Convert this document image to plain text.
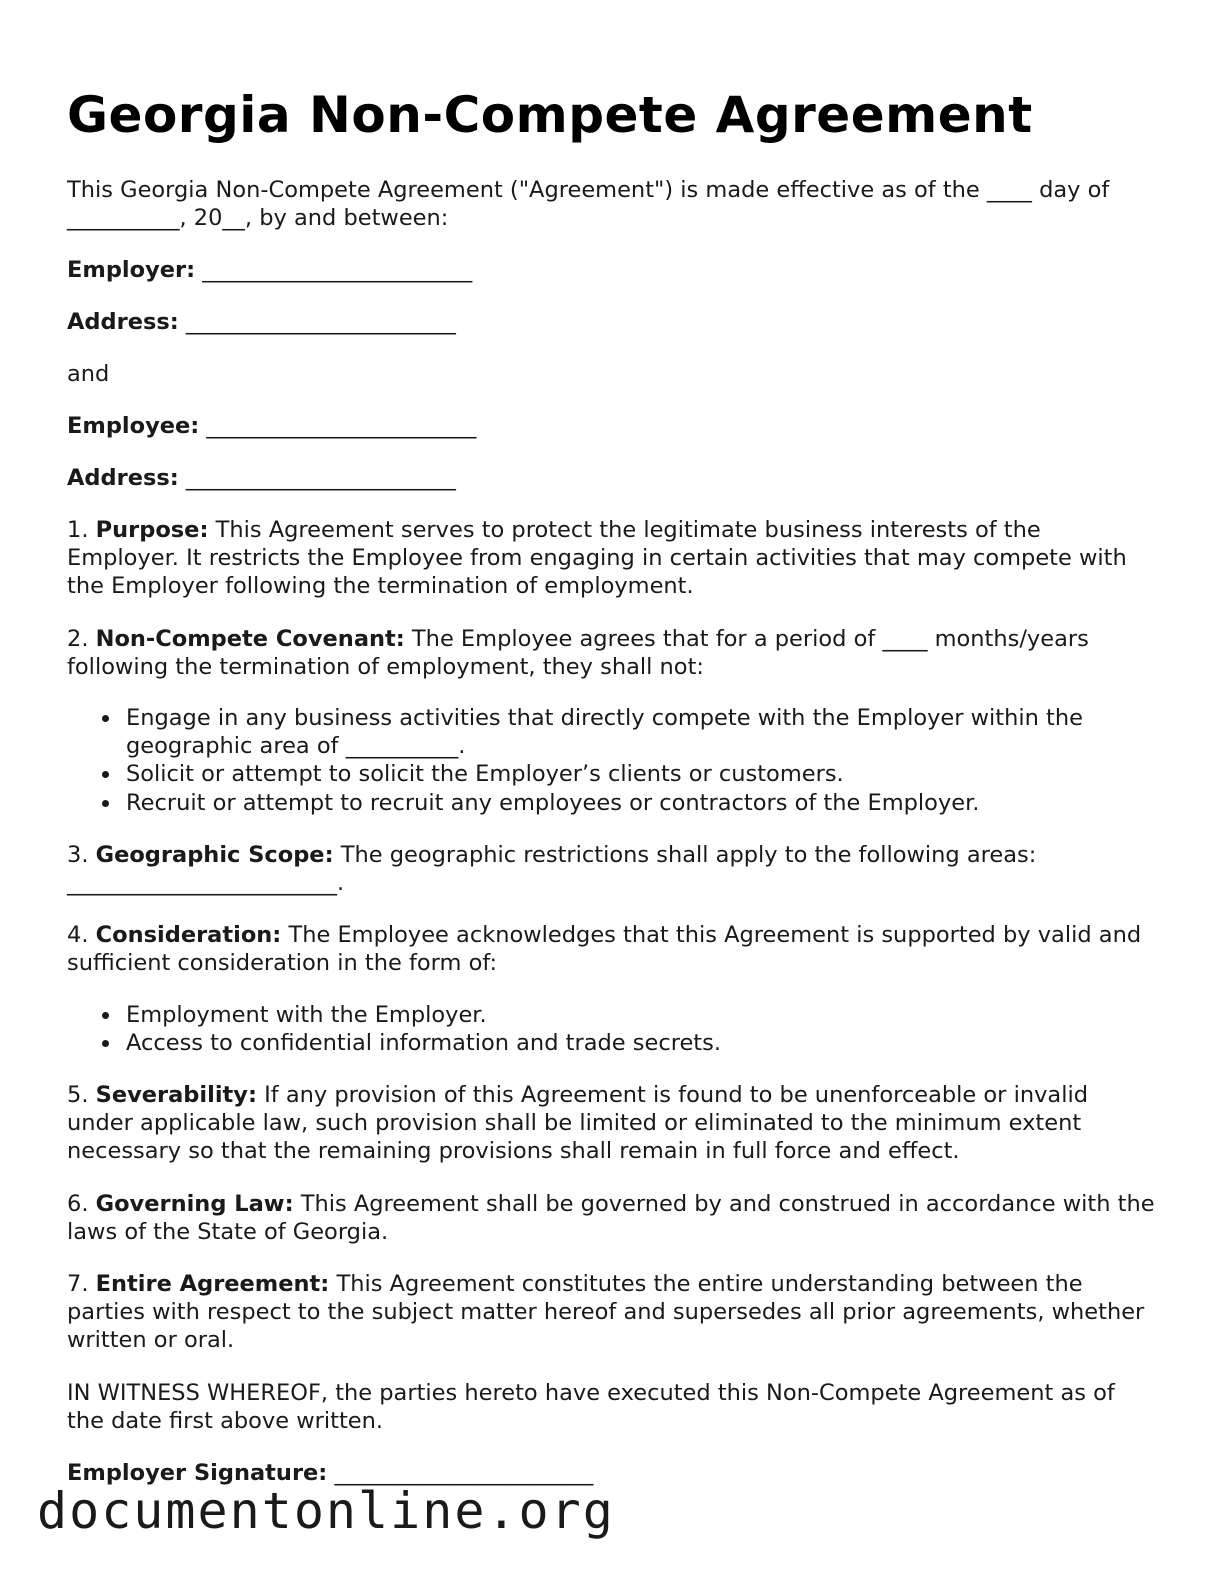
Georgia Non-Compete Agreement

This Georgia Non-Compete Agreement ("Agreement") is made effective as of the ____ day of __________, 20__, by and between:

Employer: ________________________

Address: ________________________

and

Employee: ________________________

Address: ________________________

1. Purpose: This Agreement serves to protect the legitimate business interests of the Employer. It restricts the Employee from engaging in certain activities that may compete with the Employer following the termination of employment.

2. Non-Compete Covenant: The Employee agrees that for a period of ____ months/years following the termination of employment, they shall not:

Engage in any business activities that directly compete with the Employer within the geographic area of __________.
Solicit or attempt to solicit the Employer’s clients or customers.
Recruit or attempt to recruit any employees or contractors of the Employer.

3. Geographic Scope: The geographic restrictions shall apply to the following areas: ________________________.

4. Consideration: The Employee acknowledges that this Agreement is supported by valid and sufficient consideration in the form of:

Employment with the Employer.
Access to confidential information and trade secrets.

5. Severability: If any provision of this Agreement is found to be unenforceable or invalid under applicable law, such provision shall be limited or eliminated to the minimum extent necessary so that the remaining provisions shall remain in full force and effect.

6. Governing Law: This Agreement shall be governed by and construed in accordance with the laws of the State of Georgia.

7. Entire Agreement: This Agreement constitutes the entire understanding between the parties with respect to the subject matter hereof and supersedes all prior agreements, whether written or oral.

IN WITNESS WHEREOF, the parties hereto have executed this Non-Compete Agreement as of the date first above written.

Employer Signature: _______________________

documentonline.org
